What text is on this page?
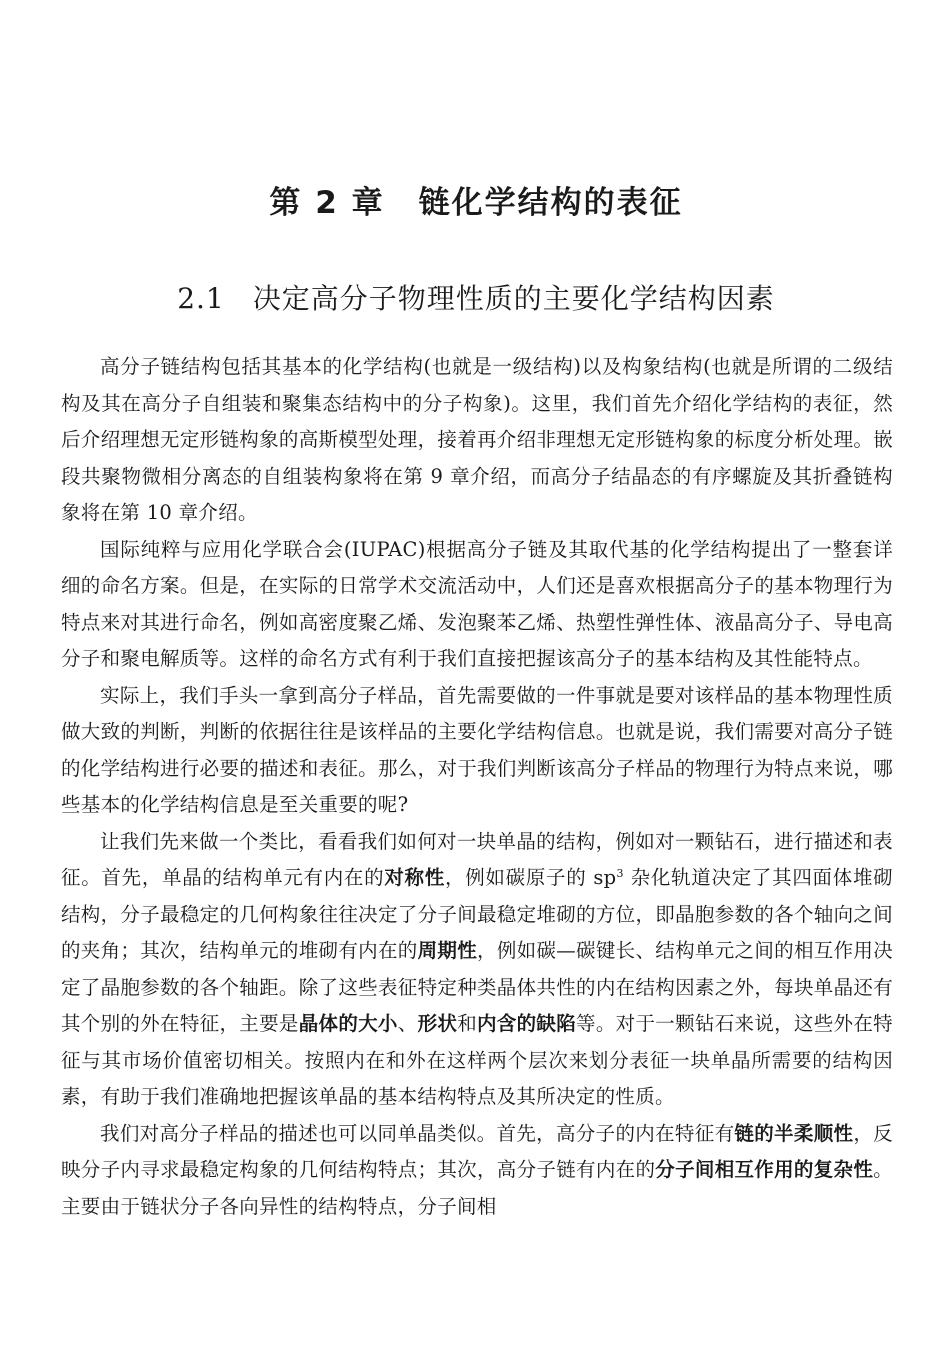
第 2 章 链化学结构的表征
2.1 决定高分子物理性质的主要化学结构因素

高分子链结构包括其基本的化学结构(也就是一级结构)以及构象结构(也就是所谓的二级结构及其在高分子自组装和聚集态结构中的分子构象)。这里，我们首先介绍化学结构的表征，然后介绍理想无定形链构象的高斯模型处理，接着再介绍非理想无定形链构象的标度分析处理。嵌段共聚物微相分离态的自组装构象将在第 9 章介绍，而高分子结晶态的有序螺旋及其折叠链构象将在第 10 章介绍。

国际纯粹与应用化学联合会(IUPAC)根据高分子链及其取代基的化学结构提出了一整套详细的命名方案。但是，在实际的日常学术交流活动中，人们还是喜欢根据高分子的基本物理行为特点来对其进行命名，例如高密度聚乙烯、发泡聚苯乙烯、热塑性弹性体、液晶高分子、导电高分子和聚电解质等。这样的命名方式有利于我们直接把握该高分子的基本结构及其性能特点。

实际上，我们手头一拿到高分子样品，首先需要做的一件事就是要对该样品的基本物理性质做大致的判断，判断的依据往往是该样品的主要化学结构信息。也就是说，我们需要对高分子链的化学结构进行必要的描述和表征。那么，对于我们判断该高分子样品的物理行为特点来说，哪些基本的化学结构信息是至关重要的呢?

让我们先来做一个类比，看看我们如何对一块单晶的结构，例如对一颗钻石，进行描述和表征。首先，单晶的结构单元有内在的对称性，例如碳原子的 $sp^3$ 杂化轨道决定了其四面体堆砌结构，分子最稳定的几何构象往往决定了分子间最稳定堆砌的方位，即晶胞参数的各个轴向之间的夹角；其次，结构单元的堆砌有内在的周期性，例如碳—碳键长、结构单元之间的相互作用决定了晶胞参数的各个轴距。除了这些表征特定种类晶体共性的内在结构因素之外，每块单晶还有其个别的外在特征，主要是晶体的大小、形状和内含的缺陷等。对于一颗钻石来说，这些外在特征与其市场价值密切相关。按照内在和外在这样两个层次来划分表征一块单晶所需要的结构因素，有助于我们准确地把握该单晶的基本结构特点及其所决定的性质。

我们对高分子样品的描述也可以同单晶类似。首先，高分子的内在特征有链的半柔顺性，反映分子内寻求最稳定构象的几何结构特点；其次，高分子链有内在的分子间相互作用的复杂性。主要由于链状分子各向异性的结构特点，分子间相
